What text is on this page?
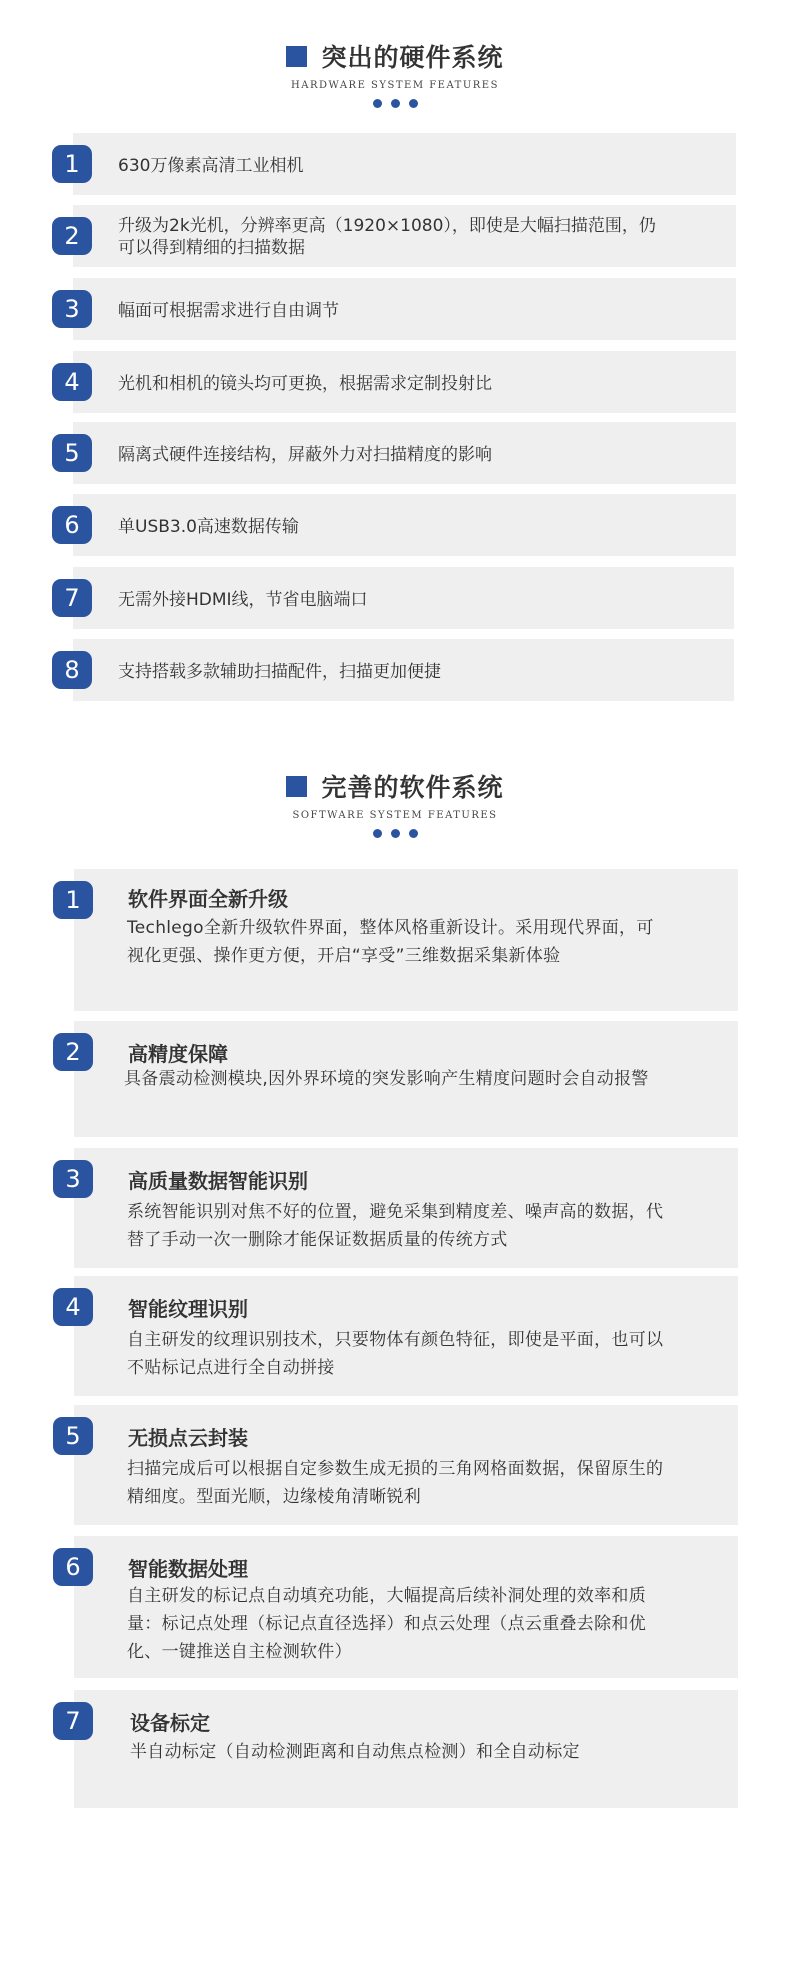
突出的硬件系统
HARDWARE SYSTEM FEATURES
1	630万像素高清工业相机
2	升级为2k光机，分辨率更高（1920×1080），即使是大幅扫描范围，仍可以得到精细的扫描数据
3	幅面可根据需求进行自由调节
4	光机和相机的镜头均可更换，根据需求定制投射比
5	隔离式硬件连接结构，屏蔽外力对扫描精度的影响
6	单USB3.0高速数据传输
7	无需外接HDMI线，节省电脑端口
8	支持搭载多款辅助扫描配件，扫描更加便捷
完善的软件系统
SOFTWARE SYSTEM FEATURES
1	软件界面全新升级
Techlego全新升级软件界面，整体风格重新设计。采用现代界面，可视化更强、操作更方便，开启“享受”三维数据采集新体验
2	高精度保障
具备震动检测模块,因外界环境的突发影响产生精度问题时会自动报警
3	高质量数据智能识别
系统智能识别对焦不好的位置，避免采集到精度差、噪声高的数据，代替了手动一次一删除才能保证数据质量的传统方式
4	智能纹理识别
自主研发的纹理识别技术，只要物体有颜色特征，即使是平面，也可以不贴标记点进行全自动拼接
5	无损点云封装
扫描完成后可以根据自定参数生成无损的三角网格面数据，保留原生的精细度。型面光顺，边缘棱角清晰锐利
6	智能数据处理
自主研发的标记点自动填充功能，大幅提高后续补洞处理的效率和质量：标记点处理（标记点直径选择）和点云处理（点云重叠去除和优化、一键推送自主检测软件）
7	设备标定
半自动标定（自动检测距离和自动焦点检测）和全自动标定
